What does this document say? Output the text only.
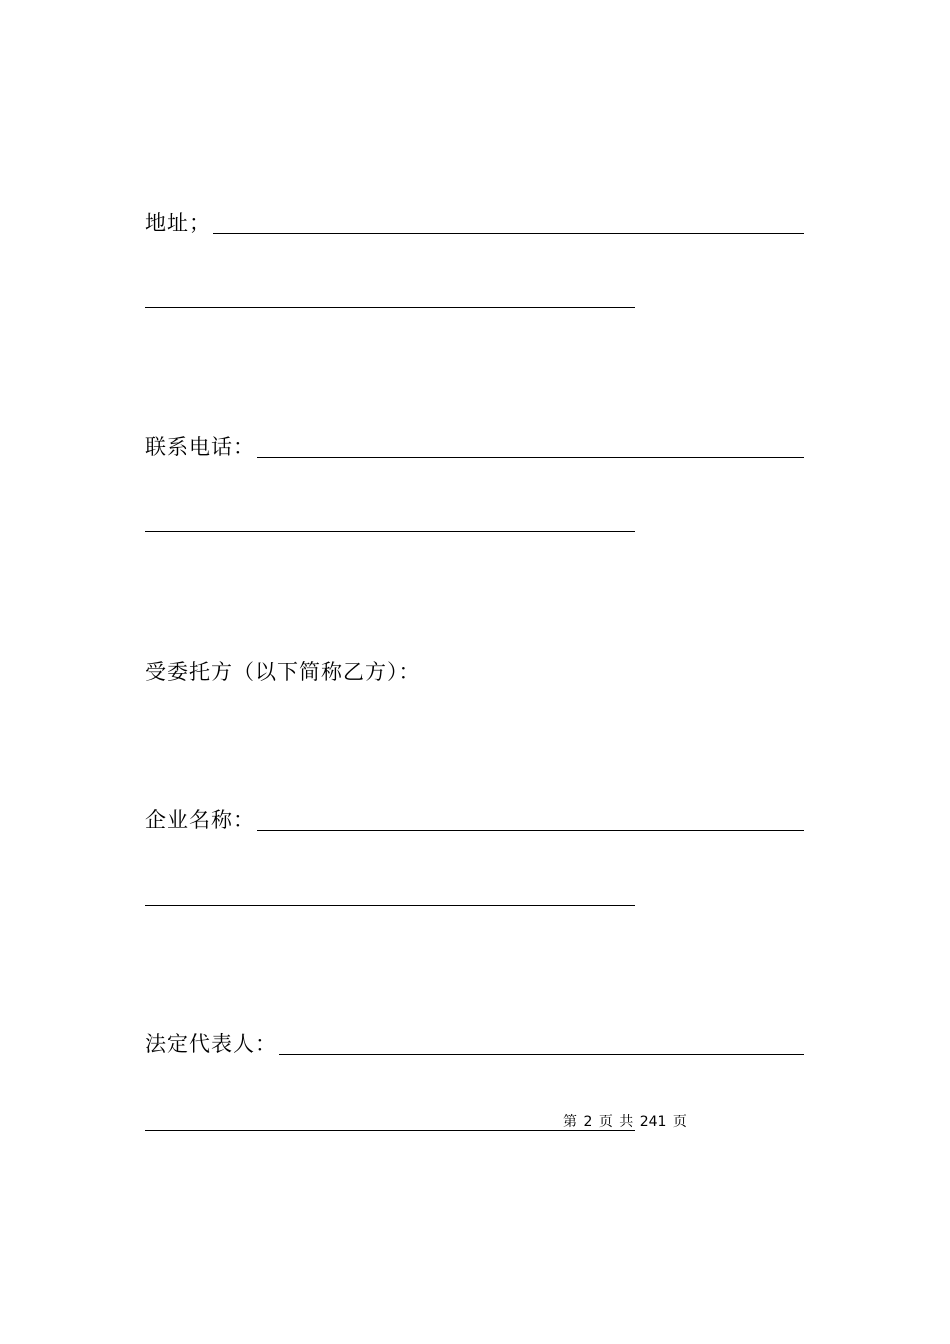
地址；
联系电话：
受委托方（以下简称乙方）：
企业名称：
法定代表人：
第 2 页 共 241 页
